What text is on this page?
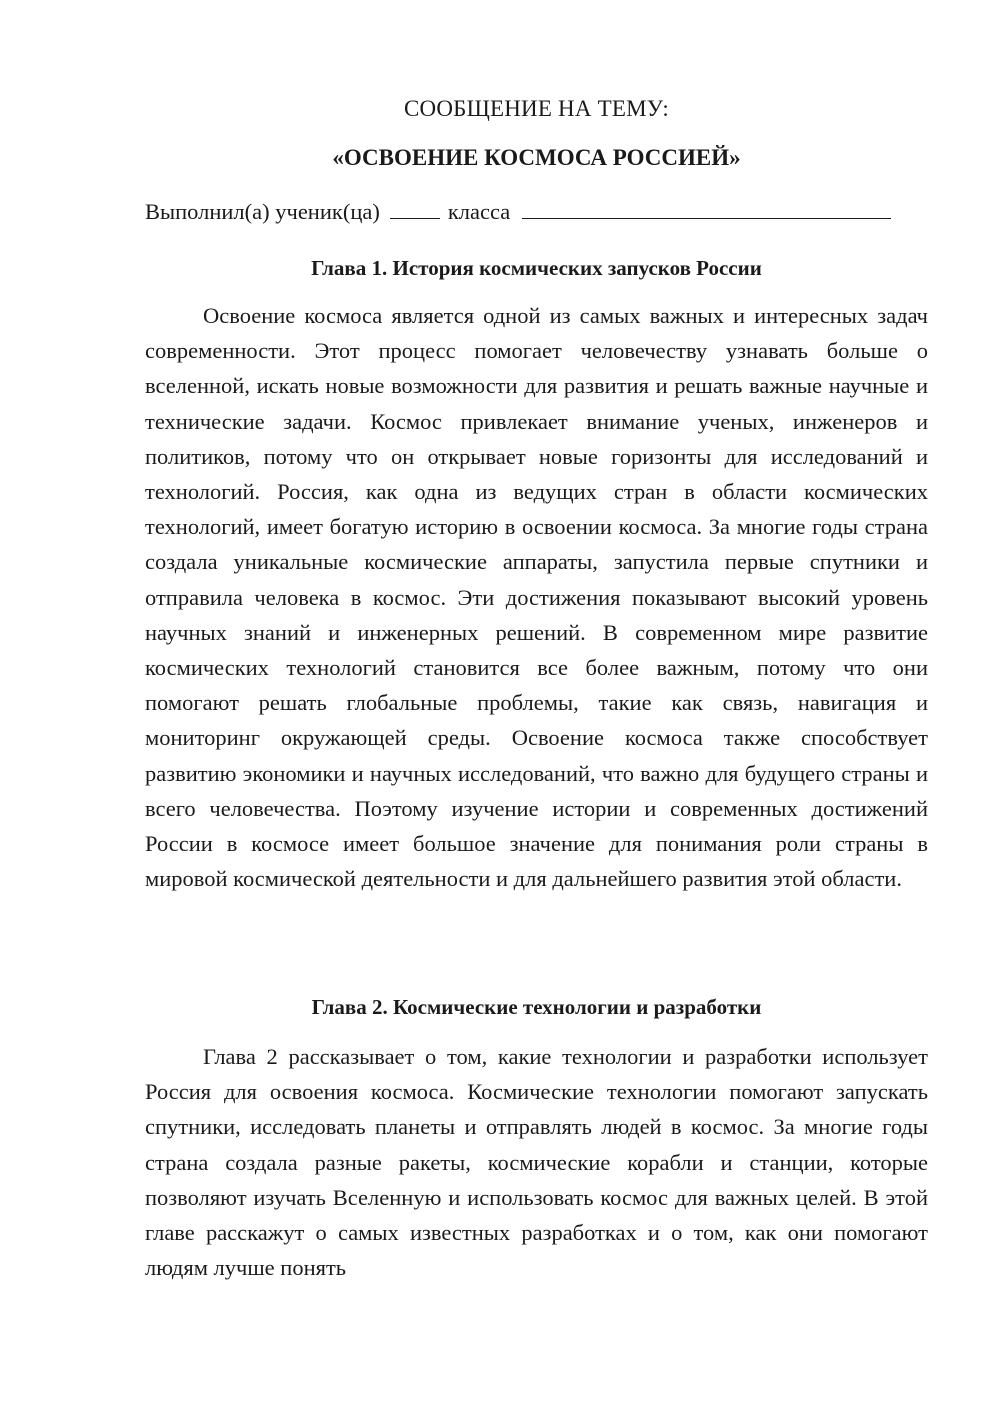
СООБЩЕНИЕ НА ТЕМУ:
«ОСВОЕНИЕ КОСМОСА РОССИЕЙ»
Выполнил(а) ученик(ца)	класса
Глава 1. История космических запусков России

Освоение космоса является одной из самых важных и интересных задач современности. Этот процесс помогает человечеству узнавать больше о вселенной, искать новые возможности для развития и решать важные научные и технические задачи. Космос привлекает внимание ученых, инженеров и политиков, потому что он открывает новые горизонты для исследований и технологий. Россия, как одна из ведущих стран в области космических технологий, имеет богатую историю в освоении космоса. За многие годы страна создала уникальные космические аппараты, запустила первые спутники и отправила человека в космос. Эти достижения показывают высокий уровень научных знаний и инженерных решений. В современном мире развитие космических технологий становится все более важным, потому что они помогают решать глобальные проблемы, такие как связь, навигация и мониторинг окружающей среды. Освоение космоса также способствует развитию экономики и научных исследований, что важно для будущего страны и всего человечества. Поэтому изучение истории и современных достижений России в космосе имеет большое значение для понимания роли страны в мировой космической деятельности и для дальнейшего развития этой области.

Глава 2. Космические технологии и разработки

Глава 2 рассказывает о том, какие технологии и разработки использует Россия для освоения космоса. Космические технологии помогают запускать спутники, исследовать планеты и отправлять людей в космос. За многие годы страна создала разные ракеты, космические корабли и станции, которые позволяют изучать Вселенную и использовать космос для важных целей. В этой главе расскажут о самых известных разработках и о том, как они помогают людям лучше понять
